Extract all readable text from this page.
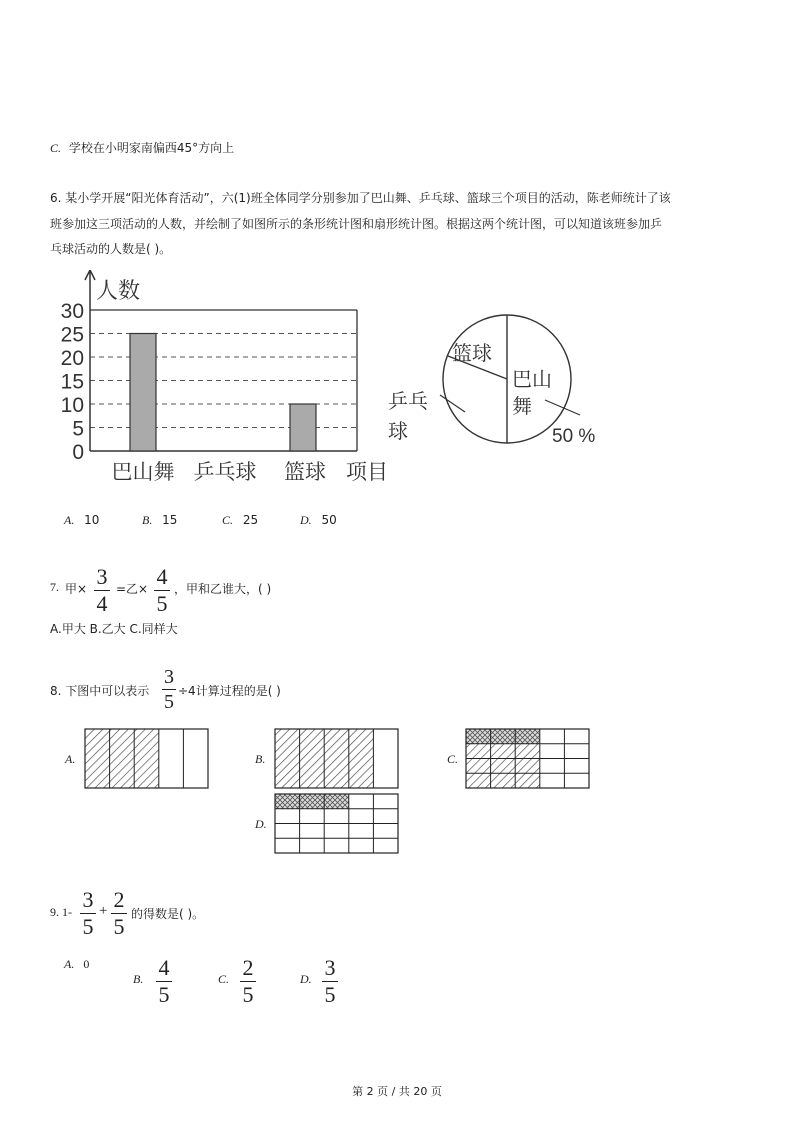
C. 学校在小明家南偏西45°方向上
6. 某小学开展“阳光体育活动”，六(1)班全体同学分别参加了巴山舞、乒乓球、篮球三个项目的活动，陈老师统计了该
班参加这三项活动的人数，并绘制了如图所示的条形统计图和扇形统计图。根据这两个统计图，可以知道该班参加乒
乓球活动的人数是( )。
0
5
10
15
20
25
30
人数
巴山舞 乒乓球 篮球 项目
篮球
巴山
舞
乒乓
球	50 %
A. 10	B. 15	C. 25	D. 50
7. 甲× 3
4
=乙× 4
5
，甲和乙谁大，( )
A.甲大 B.乙大 C.同样大
8. 下图中可以表示
3
5 ÷4计算过程的是( )
A.	B.	C.
D.
9. 1- 3
5
+ 2
5 的得数是( )。
A. 0
B. 4
5
C. 2
5
D. 3
5
第 2 页 / 共 20 页
